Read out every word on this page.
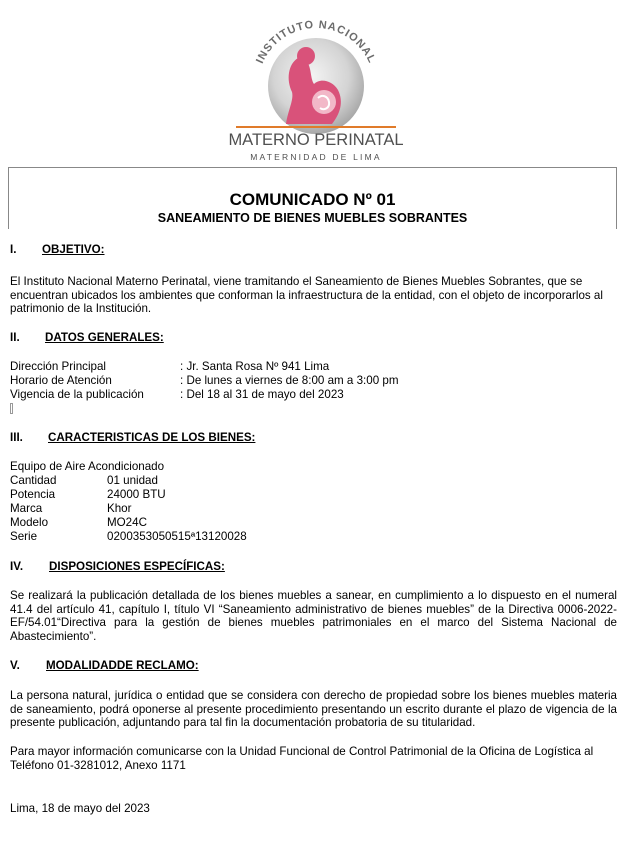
INSTITUTO NACIONAL
MATERNO PERINATAL
MATERNIDAD DE LIMA
COMUNICADO Nº 01
SANEAMIENTO DE BIENES MUEBLES SOBRANTES
I. OBJETIVO:
El Instituto Nacional Materno Perinatal, viene tramitando el Saneamiento de Bienes Muebles Sobrantes, que se encuentran ubicados los ambientes que conforman la infraestructura de la entidad, con el objeto de incorporarlos al patrimonio de la Institución.
II. DATOS GENERALES:
Dirección Principal	: Jr. Santa Rosa Nº 941 Lima
Horario de Atención	: De lunes a viernes de 8:00 am a 3:00 pm
Vigencia de la publicación	: Del 18 al 31 de mayo del 2023
III. CARACTERISTICAS DE LOS BIENES:
Equipo de Aire Acondicionado
Cantidad	01 unidad
Potencia	24000 BTU
Marca	Khor
Modelo	MO24C
Serie	0200353050515ª13120028
IV. DISPOSICIONES ESPECÍFICAS:
Se realizará la publicación detallada de los bienes muebles a sanear, en cumplimiento a lo dispuesto en el numeral 41.4 del artículo 41, capítulo I, título VI “Saneamiento administrativo de bienes muebles” de la Directiva 0006-2022-EF/54.01“Directiva para la gestión de bienes muebles patrimoniales en el marco del Sistema Nacional de Abastecimiento”.
V. MODALIDADDE RECLAMO:
La persona natural, jurídica o entidad que se considera con derecho de propiedad sobre los bienes muebles materia de saneamiento, podrá oponerse al presente procedimiento presentando un escrito durante el plazo de vigencia de la presente publicación, adjuntando para tal fin la documentación probatoria de su titularidad.
Para mayor información comunicarse con la Unidad Funcional de Control Patrimonial de la Oficina de Logística al Teléfono 01-3281012, Anexo 1171
Lima, 18 de mayo del 2023
